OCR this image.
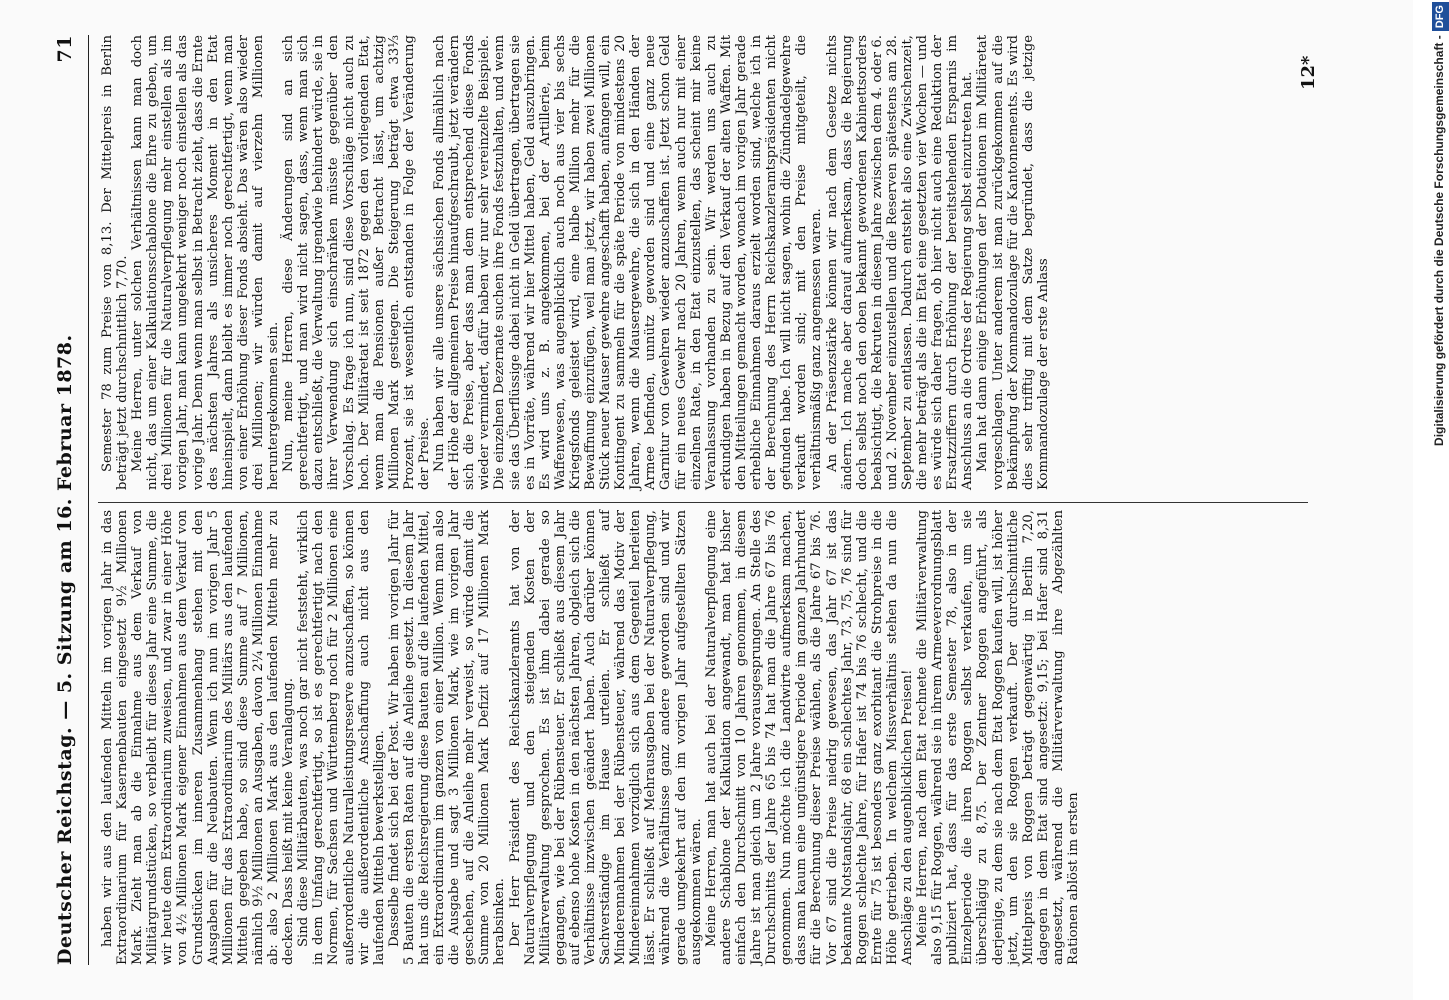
Deutscher Reichstag. — 5. Sitzung am 16. Februar 1878.
71

haben wir aus den laufenden Mitteln im vorigen Jahr in das Extraordinarium für Kasernenbauten eingesetzt 9½ Millionen Mark. Zieht man ab die Einnahme aus dem Verkauf von Militärgrundstücken, so verbleibt für dieses Jahr eine Summe, die wir heute dem Extraordinarium zuweisen, und zwar in einer Höhe von 4½ Millionen Mark eigener Einnahmen aus dem Verkauf von Grundstücken im inneren Zusammenhang stehen mit den Ausgaben für die Neubauten. Wenn ich nun im vorigen Jahr 5 Millionen für das Extraordinarium des Militärs aus den laufenden Mitteln gegeben habe, so sind diese Summe auf 7 Millionen, nämlich 9½ Millionen an Ausgaben, davon 2¼ Millionen Einnahme ab: also 2 Millionen Mark aus den laufenden Mitteln mehr zu decken. Dass heißt mit keine Veranlagung. Sind diese Militärbauten, was noch gar nicht feststeht, wirklich in dem Umfang gerechtfertigt, so ist es gerechtfertigt nach den Normen, für Sachsen und Württemberg noch für 2 Millionen eine außerordentliche Naturalleistungsreserve anzuschaffen, so können wir die außerordentliche Anschaffung auch nicht aus den laufenden Mitteln bewerkstelligen. Dasselbe findet sich bei der Post. Wir haben im vorigen Jahr für 5 Bauten die ersten Raten auf die Anleihe gesetzt. In diesem Jahr hat uns die Reichsregierung diese Bauten auf die laufenden Mittel, ein Extraordinarium im ganzen von einer Million. Wenn man also die Ausgabe und sagt 3 Millionen Mark, wie im vorigen Jahr geschehen, auf die Anleihe mehr verweist, so würde damit die Summe von 20 Millionen Mark Defizit auf 17 Millionen Mark herabsinken. Der Herr Präsident des Reichskanzleramts hat von der Naturalverpflegung und den steigenden Kosten der Militärverwaltung gesprochen. Es ist ihm dabei gerade so gegangen, wie bei der Rübensteuer. Er schließt aus diesem Jahr auf ebenso hohe Kosten in den nächsten Jahren, obgleich sich die Verhältnisse inzwischen geändert haben. Auch darüber können Sachverständige im Hause urteilen. Er schließt auf Minderennahmen bei der Rübensteuer, während das Motiv der Mindereinnahmen vorzüglich sich aus dem Gegenteil herleiten lässt. Er schließt auf Mehrausgaben bei der Naturalverpflegung, während die Verhältnisse ganz andere geworden sind und wir gerade umgekehrt auf den im vorigen Jahr aufgestellten Sätzen ausgekommen wären. Meine Herren, man hat auch bei der Naturalverpflegung eine andere Schablone der Kalkulation angewandt, man hat bisher einfach den Durchschnitt von 10 Jahren genommen, in diesem Jahre ist man gleich um 2 Jahre vorausgesprungen. An Stelle des Durchschnitts der Jahre 65 bis 74 hat man die Jahre 67 bis 76 genommen. Nun möchte ich die Landwirte aufmerksam machen, dass man kaum eine ungünstigere Periode im ganzen Jahrhundert für die Berechnung dieser Preise wählen, als die Jahre 67 bis 76. Vor 67 sind die Preise niedrig gewesen, das Jahr 67 ist das bekannte Notstandsjahr, 68 ein schlechtes Jahr, 73, 75, 76 sind für Roggen schlechte Jahre, für Hafer ist 74 bis 76 schlecht, und die Ernte für 75 ist besonders ganz exorbitant die Strohpreise in die Höhe getrieben. In welchem Missverhältnis stehen da nun die Anschläge zu den augenblicklichen Preisen! Meine Herren, nach dem Etat rechnete die Militärverwaltung also 9,15 für Roggen, während sie in ihrem Armeeverordnungsblatt publiziert hat, dass für das erste Semester 78, also in der Einzelperiode die ihren Roggen selbst verkaufen, um sie überschlägig zu 8,75. Der Zentner Roggen angeführt, als derjenige, zu dem sie nach dem Etat Roggen kaufen will, ist höher jetzt, um den sie Roggen verkauft. Der durchschnittliche Mittelpreis von Roggen beträgt gegenwärtig in Berlin 7,20, dagegen in dem Etat sind angesetzt: 9,15; bei Hafer sind 8,31 angesetzt, während die Militärverwaltung ihre Abgezählten Rationen ablöst im ersten

Semester 78 zum Preise von 8,13. Der Mittelpreis in Berlin beträgt jetzt durchschnittlich 7,70. Meine Herren, unter solchen Verhältnissen kann man doch nicht, das um einer Kalkulationsschablone die Ehre zu geben, um drei Millionen für die Naturalverpflegung mehr einstellen als im vorigen Jahr, man kann umgekehrt weniger noch einstellen als das vorige Jahr. Denn wenn man selbst in Betracht zieht, dass die Ernte des nächsten Jahres als unsicheres Moment in den Etat hineinspielt, dann bleibt es immer noch gerechtfertigt, wenn man von einer Erhöhung dieser Fonds absieht. Das wären also wieder drei Millionen; wir würden damit auf vierzehn Millionen heruntergekommen sein. Nun, meine Herren, diese Änderungen sind an sich gerechtfertigt, und man wird nicht sagen, dass, wenn man sich dazu entschließt, die Verwaltung irgendwie behindert würde, sie in ihrer Verwendung sich einschränken müsste gegenüber den Vorschlag. Es frage ich nun, sind diese Vorschläge nicht auch zu hoch. Der Militäretat ist seit 1872 gegen den vorliegenden Etat, wenn man die Pensionen außer Betracht lässt, um achtzig Millionen Mark gestiegen. Die Steigerung beträgt etwa 33⅓ Prozent, sie ist wesentlich entstanden in Folge der Veränderung der Preise. Nun haben wir alle unsere sächsischen Fonds allmählich nach der Höhe der allgemeinen Preise hinaufgeschraubt, jetzt verändern sich die Preise, aber dass man dem entsprechend diese Fonds wieder vermindert, dafür haben wir nur sehr vereinzelte Beispiele. Die einzelnen Dezernate suchen ihre Fonds festzuhalten, und wenn sie das Überflüssige dabei nicht in Geld übertragen, übertragen sie es in Vorräte, während wir hier Mittel haben, Geld auszubringen. Es wird uns z. B. angekommen, bei der Artillerie, beim Waffenwesen, was augenblicklich auch noch aus vier bis sechs Kriegsfonds geleistet wird, eine halbe Million mehr für die Bewaffnung einzufügen, weil man jetzt, wir haben zwei Millionen Stück neuer Mauser gewehre angeschafft haben, anfangen will, ein Kontingent zu sammeln für die späte Periode von mindestens 20 Jahren, wenn die Mausergewehre, die sich in den Händen der Armee befinden, unnütz geworden sind und eine ganz neue Garnitur von Gewehren wieder anzuschaffen ist. Jetzt schon Geld für ein neues Gewehr nach 20 Jahren, wenn auch nur mit einer einzelnen Rate, in den Etat einzustellen, das scheint mir keine Veranlassung vorhanden zu sein. Wir werden uns auch zu erkundigen haben in Bezug auf den Verkauf der alten Waffen. Mit den Mitteilungen gemacht worden, wonach im vorigen Jahr gerade erhebliche Einnahmen daraus erzielt worden sind, welche ich in der Berechnung des Herrn Reichskanzleramtspräsidenten nicht gefunden habe. Ich will nicht sagen, wohin die Zündnadelgewehre verkauft worden sind; mit den Preise mitgeteilt, die verhältnismäßig ganz angemessen waren. An der Präsenzstärke können wir nach dem Gesetze nichts ändern. Ich mache aber darauf aufmerksam, dass die Regierung doch selbst noch den oben bekannt gewordenen Kabinettsorders beabsichtigt, die Rekruten in diesem Jahre zwischen dem 4. oder 6. und 2. November einzustellen und die Reserven spätestens am 28. September zu entlassen. Dadurch entsteht also eine Zwischenzeit, die mehr beträgt als die im Etat eine gesetzten vier Wochen — und es würde sich daher fragen, ob hier nicht auch eine Reduktion der Ersatzziffern durch Erhöhung der bereitstehenden Ersparnis im Anschluss an die Ordres der Regierung selbst einzutreten hat. Man hat dann einige Erhöhungen der Dotationen im Militäretat vorgeschlagen. Unter anderem ist man zurückgekommen auf die Bekämpfung der Kommandozulage für die Kantonnements. Es wird dies sehr trifftig mit dem Satze begründet, dass die jetzige Kommandozulage der erste Anlass

12*	Digitalisierung gefördert durch die Deutsche Forschungsgemeinschaft -DFG
